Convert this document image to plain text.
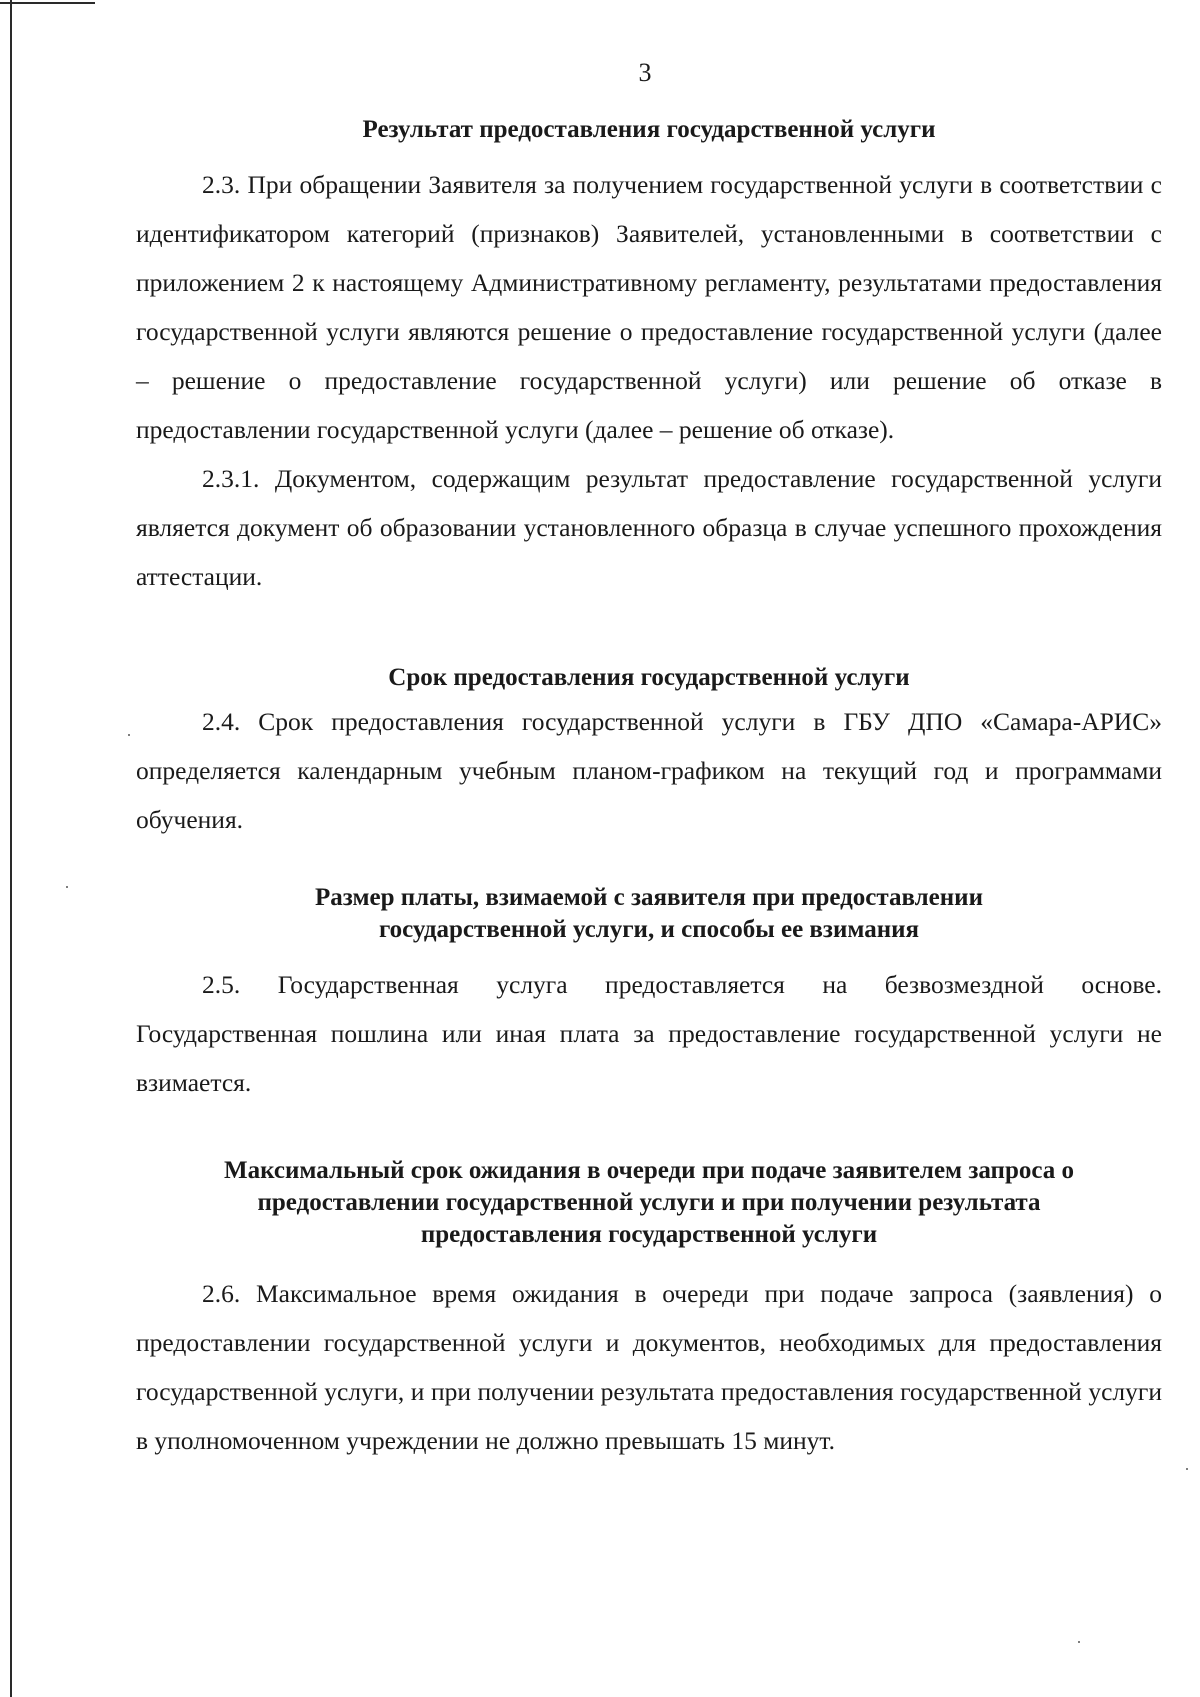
3
Результат предоставления государственной услуги

2.3. При обращении Заявителя за получением государственной услуги в соответствии с идентификатором категорий (признаков) Заявителей, установленными в соответствии с приложением 2 к настоящему Административному регламенту, результатами предоставления государственной услуги являются решение о предоставление государственной услуги (далее – решение о предоставление государственной услуги) или решение об отказе в предоставлении государственной услуги (далее – решение об отказе).

2.3.1. Документом, содержащим результат предоставление государственной услуги является документ об образовании установленного образца в случае успешного прохождения аттестации.

Срок предоставления государственной услуги

2.4. Срок предоставления государственной услуги в ГБУ ДПО «Самара-АРИС» определяется календарным учебным планом-графиком на текущий год и программами обучения.

Размер платы, взимаемой с заявителя при предоставлении
государственной услуги, и способы ее взимания

2.5. Государственная услуга предоставляется на безвозмездной основе. Государственная пошлина или иная плата за предоставление государственной услуги не взимается.

Максимальный срок ожидания в очереди при подаче заявителем запроса о
предоставлении государственной услуги и при получении результата
предоставления государственной услуги

2.6. Максимальное время ожидания в очереди при подаче запроса (заявления) о предоставлении государственной услуги и документов, необходимых для предоставления государственной услуги, и при получении результата предоставления государственной услуги в уполномоченном учреждении не должно превышать 15 минут.
